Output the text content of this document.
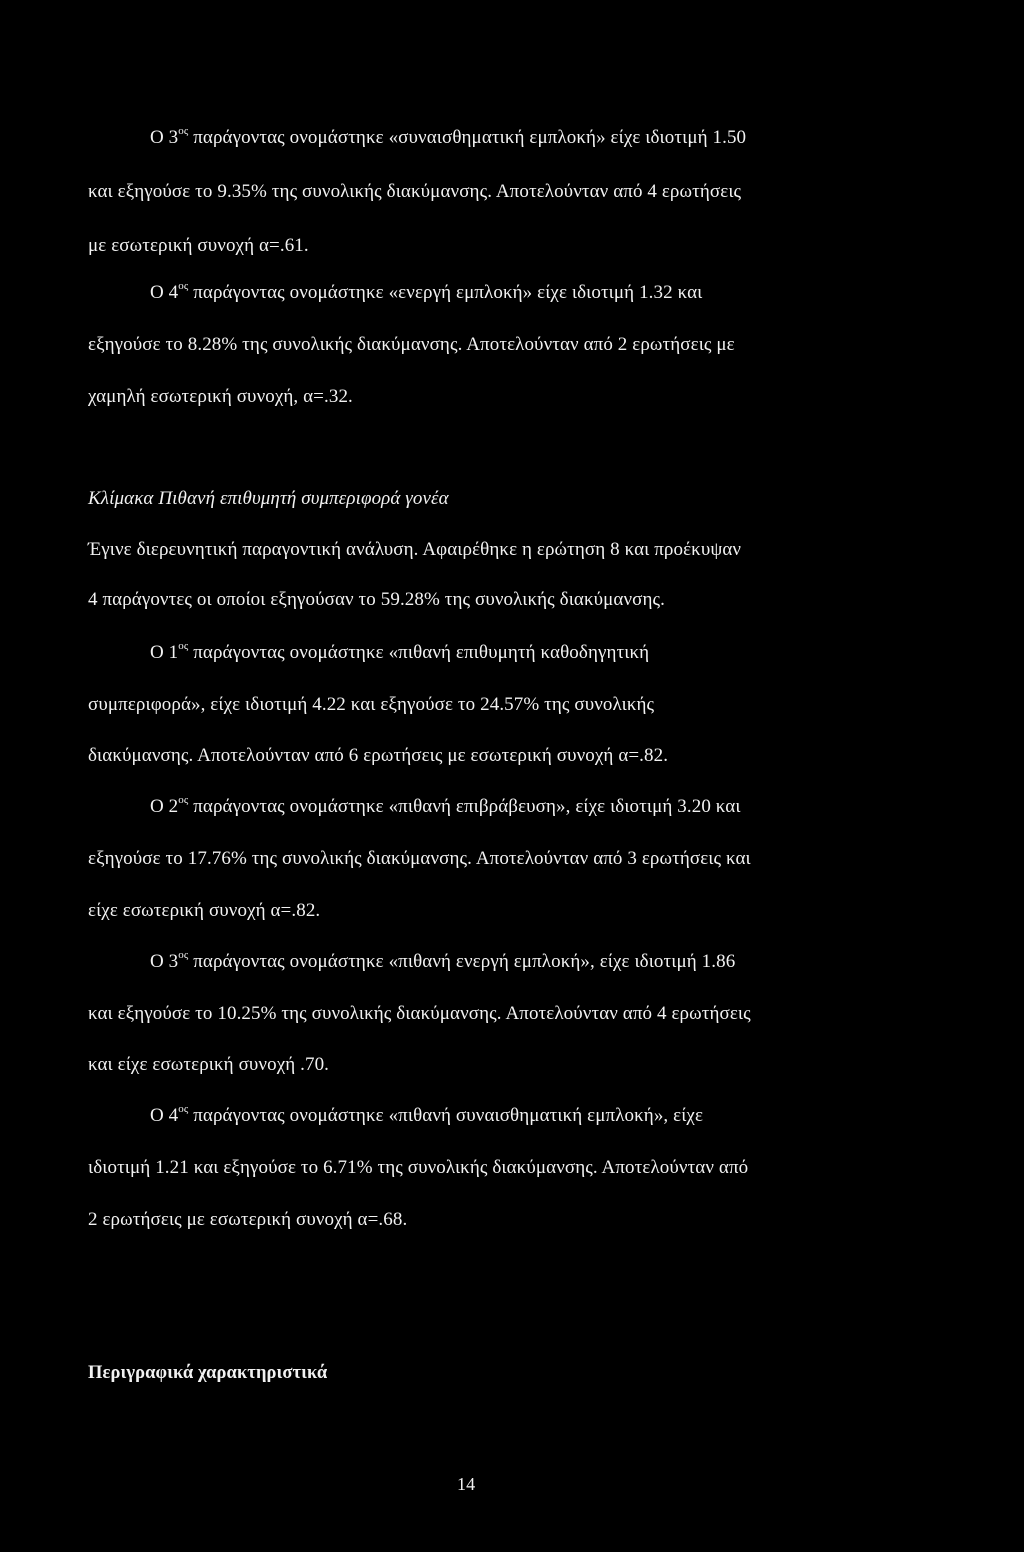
Ο $3^{o\varsigma}$ παράγοντας ονομάστηκε «συναισθηματική εμπλοκή» είχε ιδιοτιμή 1.50
και εξηγούσε το 9.35% της συνολικής διακύμανσης. Αποτελούνταν από 4 ερωτήσεις
με εσωτερική συνοχή α=.61.
Ο $4^{o\varsigma}$ παράγοντας ονομάστηκε «ενεργή εμπλοκή» είχε ιδιοτιμή 1.32 και
εξηγούσε το 8.28% της συνολικής διακύμανσης. Αποτελούνταν από 2 ερωτήσεις με
χαμηλή εσωτερική συνοχή, α=.32.
Κλίμακα Πιθανή επιθυμητή συμπεριφορά γονέα
Έγινε διερευνητική παραγοντική ανάλυση. Αφαιρέθηκε η ερώτηση 8 και προέκυψαν
4 παράγοντες οι οποίοι εξηγούσαν το 59.28% της συνολικής διακύμανσης.
Ο $1^{o\varsigma}$ παράγοντας ονομάστηκε «πιθανή επιθυμητή καθοδηγητική
συμπεριφορά», είχε ιδιοτιμή 4.22 και εξηγούσε το 24.57% της συνολικής
διακύμανσης. Αποτελούνταν από 6 ερωτήσεις με εσωτερική συνοχή α=.82.
Ο $2^{o\varsigma}$ παράγοντας ονομάστηκε «πιθανή επιβράβευση», είχε ιδιοτιμή 3.20 και
εξηγούσε το 17.76% της συνολικής διακύμανσης. Αποτελούνταν από 3 ερωτήσεις και
είχε εσωτερική συνοχή α=.82.
Ο $3^{o\varsigma}$ παράγοντας ονομάστηκε «πιθανή ενεργή εμπλοκή», είχε ιδιοτιμή 1.86
και εξηγούσε το 10.25% της συνολικής διακύμανσης. Αποτελούνταν από 4 ερωτήσεις
και είχε εσωτερική συνοχή .70.
Ο $4^{o\varsigma}$ παράγοντας ονομάστηκε «πιθανή συναισθηματική εμπλοκή», είχε
ιδιοτιμή 1.21 και εξηγούσε το 6.71% της συνολικής διακύμανσης. Αποτελούνταν από
2 ερωτήσεις με εσωτερική συνοχή α=.68.
Περιγραφικά χαρακτηριστικά
14
